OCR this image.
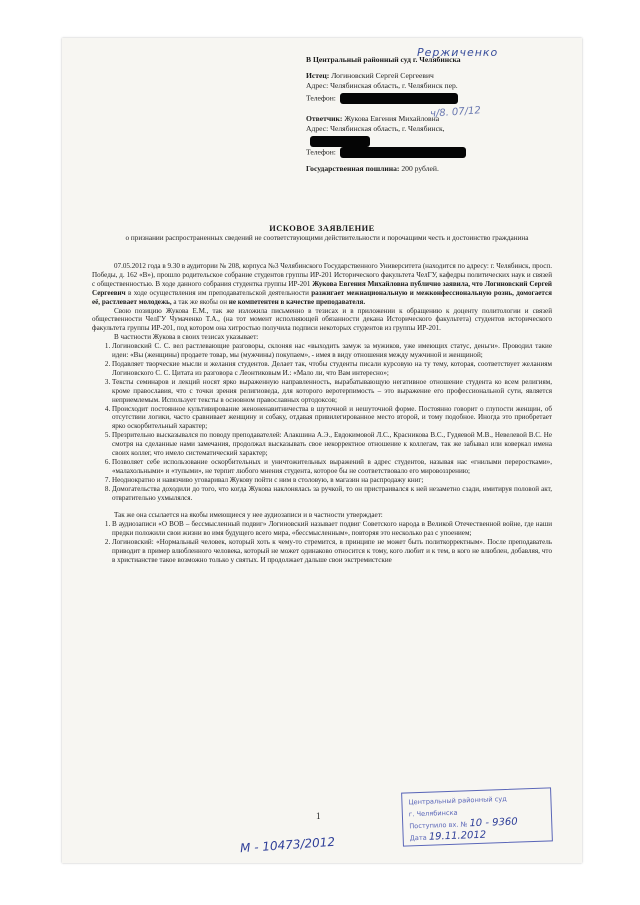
Pepжиченко
ч/8. 07/12
В Центральный районный суд г. Челябинска
Истец: Логиновский Сергей Сергеевич
Адрес: Челябинская область, г. Челябинск пер.
Телефон:
Ответчик: Жукова Евгения Михайловна
Адрес: Челябинская область, г. Челябинск,
Телефон:
Государственная пошлина: 200 рублей.
ИСКОВОЕ ЗАЯВЛЕНИЕ
о признании распространенных сведений не соответствующими действительности и порочащими честь и достоинство гражданина

07.05.2012 года в 9.30 в аудитории № 208, корпуса №3 Челябинского Государственного Университета (находится по адресу: г. Челябинск, просп. Победы, д. 162 «В»), прошло родительское собрание студентов группы ИР-201 Исторического факультета ЧелГУ, кафедры политических наук и связей с общественностью. В ходе данного собрания студентка группы ИР-201 Жукова Евгения Михайловна публично заявила, что Логиновский Сергей Сергеевич в ходе осуществления им преподавательской деятельности разжигает межнациональную и межконфессиональную рознь, домогается её, растлевает молодежь, а так же якобы он не компетентен в качестве преподавателя.

Свою позицию Жукова Е.М., так же изложила письменно в тезисах и в приложении к обращению к доценту политологии и связей общественности ЧелГУ Чумаченко Т.А., (на тот момент исполняющей обязанности декана Исторического факультета) студентов исторического факультета группы ИР-201, под котором она хитростью получила подписи некоторых студентов из группы ИР-201.

В частности Жукова в своих тезисах указывает:

1. Логиновский С. С. вел растлевающие разговоры, склоняя нас «выходить замуж за мужиков, уже имеющих статус, деньги». Проводил такие идеи: «Вы (женщины) продаете товар, мы (мужчины) покупаем», - имея в виду отношения между мужчиной и женщиной;
2. Подавляет творческие мысли и желания студентов. Делает так, чтобы студенты писали курсовую на ту тему, которая, соответствует желаниям Логиновского С. С. Цитата из разговора с Леонтиковым И.: «Мало ли, что Вам интересно»;
3. Тексты семинаров и лекций носят ярко выраженную направленность, вырабатывающую негативное отношение студента ко всем религиям, кроме православия, что с точки зрения религиоведа, для которого веротерпимость – это выражение его профессиональной сути, является неприемлемым. Использует тексты в основном православных ортодоксов;
4. Происходит постоянное культивирование женоненавитничества в шуточной и нешуточной форме. Постоянно говорит о глупости женщин, об отсутствии логики, часто сравнивает женщину и собаку, отдавая привилегированное место второй, и тому подобное. Иногда это приобретает ярко оскорбительный характер;
5. Презрительно высказывался по поводу преподавателей: Алакшина А.Э., Евдокимовой Л.С., Красникова В.С., Гудяевой М.В., Невелевой В.С. Не смотря на сделанные нами замечания, продолжал высказывать свое некорректное отношение к коллегам, так же забывал или коверкал имена своих коллег, что имело систематический характер;
6. Позволяет себе использование оскорбительных и уничтожительных выражений в адрес студентов, называя нас «гнилыми переростками», «малахольными» и «тупыми», не терпит любого мнения студента, которое бы не соответствовало его мировоззрению;
7. Неоднократно и навязчиво уговаривал Жукову пойти с ним в столовую, в магазин на распродажу книг;
8. Домогательства доходили до того, что когда Жукова наклонялась за ручкой, то он пристраивался к ней незаметно сзади, имитируя половой акт, отвратительно ухмылялся.

Так же она ссылается на якобы имеющиеся у нее аудиозаписи и в частности утверждает:

1. В аудиозаписи «О ВОВ – бессмысленный подвиг» Логиновский называет подвиг Советского народа в Великой Отечественной войне, где наши предки положили свои жизни во имя будущего всего мира, «бессмысленным», повторяя это несколько раз с упоением;
2. Логиновский: «Нормальный человек, который хоть к чему-то стремится, в принципе не может быть политкорректным». После преподаватель приводит в пример влюбленного человека, который не может одинаково относится к тому, кого любит и к тем, в кого не влюблен, добавляя, что в христианстве такое возможно только у святых. И продолжает дальше свои экстремистские
1
Центральный районный суд
г. Челябинска
Поступило вх. № 10 - 9360
Дата 19.11.2012
М - 10473/2012
